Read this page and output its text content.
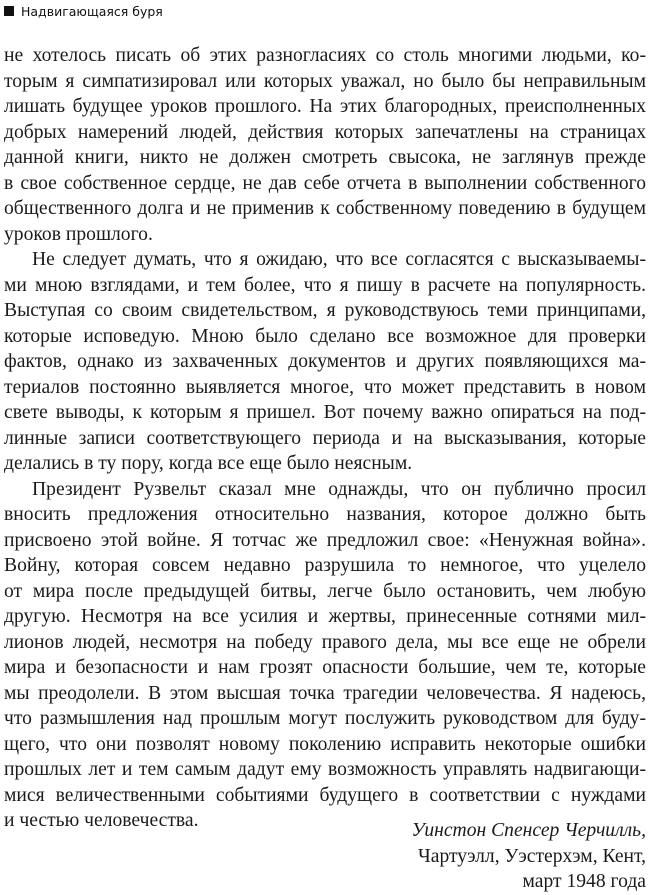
Надвигающаяся буря
не хотелось писать об этих разногласиях со столь многими людьми, ко-
торым я симпатизировал или которых уважал, но было бы неправильным
лишать будущее уроков прошлого. На этих благородных, преисполненных
добрых намерений людей, действия которых запечатлены на страницах
данной книги, никто не должен смотреть свысока, не заглянув прежде
в свое собственное сердце, не дав себе отчета в выполнении собственного
общественного долга и не применив к собственному поведению в будущем
уроков прошлого.
Не следует думать, что я ожидаю, что все согласятся с высказываемы-
ми мною взглядами, и тем более, что я пишу в расчете на популярность.
Выступая со своим свидетельством, я руководствуюсь теми принципами,
которые исповедую. Мною было сделано все возможное для проверки
фактов, однако из захваченных документов и других появляющихся ма-
териалов постоянно выявляется многое, что может представить в новом
свете выводы, к которым я пришел. Вот почему важно опираться на под-
линные записи соответствующего периода и на высказывания, которые
делались в ту пору, когда все еще было неясным.
Президент Рузвельт сказал мне однажды, что он публично просил
вносить предложения относительно названия, которое должно быть
присвоено этой войне. Я тотчас же предложил свое: «Ненужная война».
Войну, которая совсем недавно разрушила то немногое, что уцелело
от мира после предыдущей битвы, легче было остановить, чем любую
другую. Несмотря на все усилия и жертвы, принесенные сотнями мил-
лионов людей, несмотря на победу правого дела, мы все еще не обрели
мира и безопасности и нам грозят опасности большие, чем те, которые
мы преодолели. В этом высшая точка трагедии человечества. Я надеюсь,
что размышления над прошлым могут послужить руководством для буду-
щего, что они позволят новому поколению исправить некоторые ошибки
прошлых лет и тем самым дадут ему возможность управлять надвигающи-
мися величественными событиями будущего в соответствии с нуждами
и честью человечества.	Уинстон Спенсер Черчилль,
Чартуэлл, Уэстерхэм, Кент,
март 1948 года
